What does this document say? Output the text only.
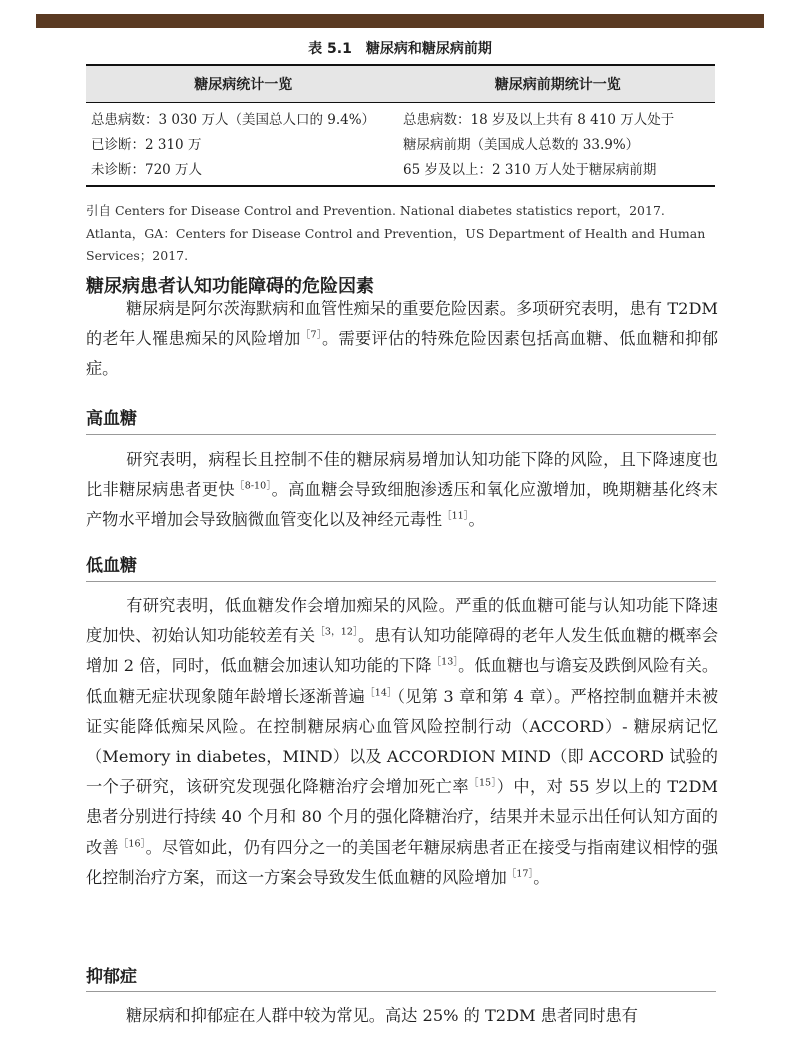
表 5.1　糖尿病和糖尿病前期
糖尿病统计一览	糖尿病前期统计一览
总患病数：3 030 万人（美国总人口的 9.4%）
已诊断：2 310 万
未诊断：720 万人
总患病数：18 岁及以上共有 8 410 万人处于
糖尿病前期（美国成人总数的 33.9%）
65 岁及以上：2 310 万人处于糖尿病前期
引自 Centers for Disease Control and Prevention. National diabetes statistics report，2017. Atlanta，GA：Centers for Disease Control and Prevention，US Department of Health and Human Services；2017.
糖尿病患者认知功能障碍的危险因素
糖尿病是阿尔茨海默病和血管性痴呆的重要危险因素。多项研究表明，患有 T2DM 的老年人罹患痴呆的风险增加$^{[7]}$。需要评估的特殊危险因素包括高血糖、低血糖和抑郁症。
高血糖
研究表明，病程长且控制不佳的糖尿病易增加认知功能下降的风险，且下降速度也比非糖尿病患者更快$^{[8-10]}$。高血糖会导致细胞渗透压和氧化应激增加，晚期糖基化终末产物水平增加会导致脑微血管变化以及神经元毒性$^{[11]}$。
低血糖
有研究表明，低血糖发作会增加痴呆的风险。严重的低血糖可能与认知功能下降速度加快、初始认知功能较差有关$^{[3,12]}$。患有认知功能障碍的老年人发生低血糖的概率会增加 2 倍，同时，低血糖会加速认知功能的下降$^{[13]}$。低血糖也与谵妄及跌倒风险有关。低血糖无症状现象随年龄增长逐渐普遍$^{[14]}$（见第 3 章和第 4 章）。严格控制血糖并未被证实能降低痴呆风险。在控制糖尿病心血管风险控制行动（ACCORD）- 糖尿病记忆（Memory in diabetes，MIND）以及 ACCORDION MIND（即 ACCORD 试验的一个子研究，该研究发现强化降糖治疗会增加死亡率$^{[15]}$）中，对 55 岁以上的 T2DM 患者分别进行持续 40 个月和 80 个月的强化降糖治疗，结果并未显示出任何认知方面的改善$^{[16]}$。尽管如此，仍有四分之一的美国老年糖尿病患者正在接受与指南建议相悖的强化控制治疗方案，而这一方案会导致发生低血糖的风险增加$^{[17]}$。
抑郁症
糖尿病和抑郁症在人群中较为常见。高达 25% 的 T2DM 患者同时患有
